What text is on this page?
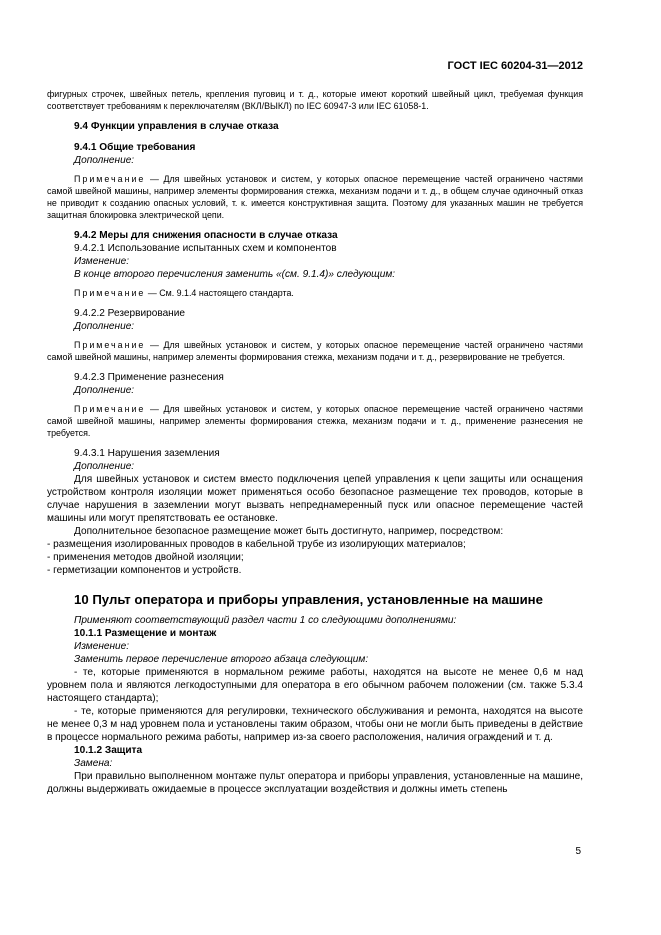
ГОСТ IEC 60204-31—2012

фигурных строчек, швейных петель, крепления пуговиц и т. д., которые имеют короткий швейный цикл, требуемая функция соответствует требованиям к переключателям (ВКЛ/ВЫКЛ) по IEC 60947-3 или IEC 61058-1.

9.4 Функции управления в случае отказа

9.4.1 Общие требования

Дополнение:

Примечание — Для швейных установок и систем, у которых опасное перемещение частей ограничено частями самой швейной машины, например элементы формирования стежка, механизм подачи и т. д., в общем случае одиночный отказ не приводит к созданию опасных условий, т. к. имеется конструктивная защита. Поэтому для указанных машин не требуется защитная блокировка электрической цепи.

9.4.2 Меры для снижения опасности в случае отказа

9.4.2.1 Использование испытанных схем и компонентов

Изменение:

В конце второго перечисления заменить «(см. 9.1.4)» следующим:

Примечание — См. 9.1.4 настоящего стандарта.

9.4.2.2 Резервирование

Дополнение:

Примечание — Для швейных установок и систем, у которых опасное перемещение частей ограничено частями самой швейной машины, например элементы формирования стежка, механизм подачи и т. д., резервирование не требуется.

9.4.2.3 Применение разнесения

Дополнение:

Примечание — Для швейных установок и систем, у которых опасное перемещение частей ограничено частями самой швейной машины, например элементы формирования стежка, механизм подачи и т. д., применение разнесения не требуется.

9.4.3.1 Нарушения заземления

Дополнение:

Для швейных установок и систем вместо подключения цепей управления к цепи защиты или оснащения устройством контроля изоляции может применяться особо безопасное размещение тех проводов, которые в случае нарушения в заземлении могут вызвать непреднамеренный пуск или опасное перемещение частей машины или могут препятствовать ее остановке.

Дополнительное безопасное размещение может быть достигнуто, например, посредством:

- размещения изолированных проводов в кабельной трубе из изолирующих материалов;

- применения методов двойной изоляции;

- герметизации компонентов и устройств.

10 Пульт оператора и приборы управления, установленные на машине

Применяют соответствующий раздел части 1 со следующими дополнениями:

10.1.1 Размещение и монтаж

Изменение:

Заменить первое перечисление второго абзаца следующим:

- те, которые применяются в нормальном режиме работы, находятся на высоте не менее 0,6 м над уровнем пола и являются легкодоступными для оператора в его обычном рабочем положении (см. также 5.3.4 настоящего стандарта);

- те, которые применяются для регулировки, технического обслуживания и ремонта, находятся на высоте не менее 0,3 м над уровнем пола и установлены таким образом, чтобы они не могли быть приведены в действие в процессе нормального режима работы, например из-за своего расположения, наличия ограждений и т. д.

10.1.2 Защита

Замена:

При правильно выполненном монтаже пульт оператора и приборы управления, установленные на машине, должны выдерживать ожидаемые в процессе эксплуатации воздействия и должны иметь степень

5
